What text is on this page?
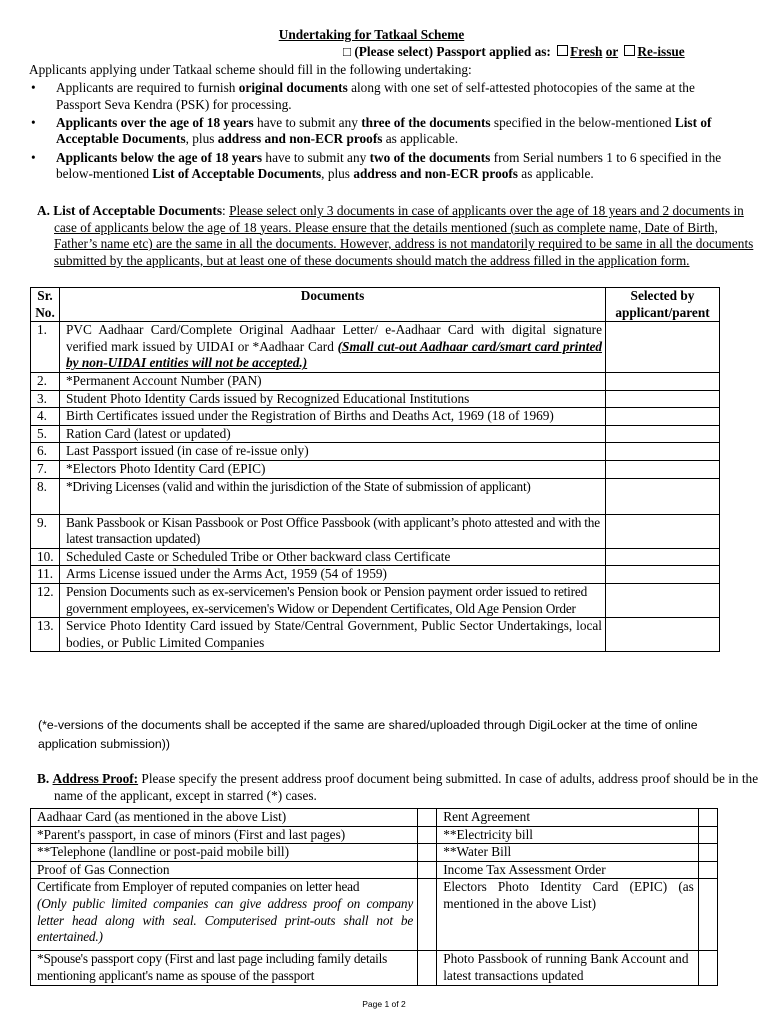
Undertaking for Tatkaal Scheme
□ (Please select) Passport applied as: Fresh or Re-issue
Applicants applying under Tatkaal scheme should fill in the following undertaking:
• Applicants are required to furnish original documents along with one set of self-attested photocopies of the same at the Passport Seva Kendra (PSK) for processing.
• Applicants over the age of 18 years have to submit any three of the documents specified in the below-mentioned List of Acceptable Documents, plus address and non-ECR proofs as applicable.
• Applicants below the age of 18 years have to submit any two of the documents from Serial numbers 1 to 6 specified in the below-mentioned List of Acceptable Documents, plus address and non-ECR proofs as applicable.
A. List of Acceptable Documents: Please select only 3 documents in case of applicants over the age of 18 years and 2 documents in case of applicants below the age of 18 years. Please ensure that the details mentioned (such as complete name, Date of Birth, Father’s name etc) are the same in all the documents. However, address is not mandatorily required to be same in all the documents submitted by the applicants, but at least one of these documents should match the address filled in the application form.
Sr. No.	Documents	Selected by applicant/parent
1.	PVC Aadhaar Card/Complete Original Aadhaar Letter/ e-Aadhaar Card with digital signature verified mark issued by UIDAI or *Aadhaar Card (Small cut-out Aadhaar card/smart card printed by non-UIDAI entities will not be accepted.)	
2.	*Permanent Account Number (PAN)	
3.	Student Photo Identity Cards issued by Recognized Educational Institutions	
4.	Birth Certificates issued under the Registration of Births and Deaths Act, 1969 (18 of 1969)	
5.	Ration Card (latest or updated)	
6.	Last Passport issued (in case of re-issue only)	
7.	*Electors Photo Identity Card (EPIC)	
8.	*Driving Licenses (valid and within the jurisdiction of the State of submission of applicant)	
9.	Bank Passbook or Kisan Passbook or Post Office Passbook (with applicant’s photo attested and with the latest transaction updated)	
10.	Scheduled Caste or Scheduled Tribe or Other backward class Certificate	
11.	Arms License issued under the Arms Act, 1959 (54 of 1959)	
12.	Pension Documents such as ex-servicemen's Pension book or Pension payment order issued to retired government employees, ex-servicemen's Widow or Dependent Certificates, Old Age Pension Order	
13.	Service Photo Identity Card issued by State/Central Government, Public Sector Undertakings, local bodies, or Public Limited Companies	
(*e-versions of the documents shall be accepted if the same are shared/uploaded through DigiLocker at the time of online application submission))
B. Address Proof: Please specify the present address proof document being submitted. In case of adults, address proof should be in the name of the applicant, except in starred (*) cases.
Aadhaar Card (as mentioned in the above List)		Rent Agreement	
*Parent's passport, in case of minors (First and last pages)		**Electricity bill	
**Telephone (landline or post-paid mobile bill)		**Water Bill	
Proof of Gas Connection		Income Tax Assessment Order	

Certificate from Employer of reputed companies on letter head
(Only public limited companies can give address proof on company letter head along with seal. Computerised print-outs shall not be entertained.)		Electors Photo Identity Card (EPIC) (as mentioned in the above List)	
*Spouse's passport copy (First and last page including family details mentioning applicant's name as spouse of the passport		Photo Passbook of running Bank Account and latest transactions updated	
Page 1 of 2
